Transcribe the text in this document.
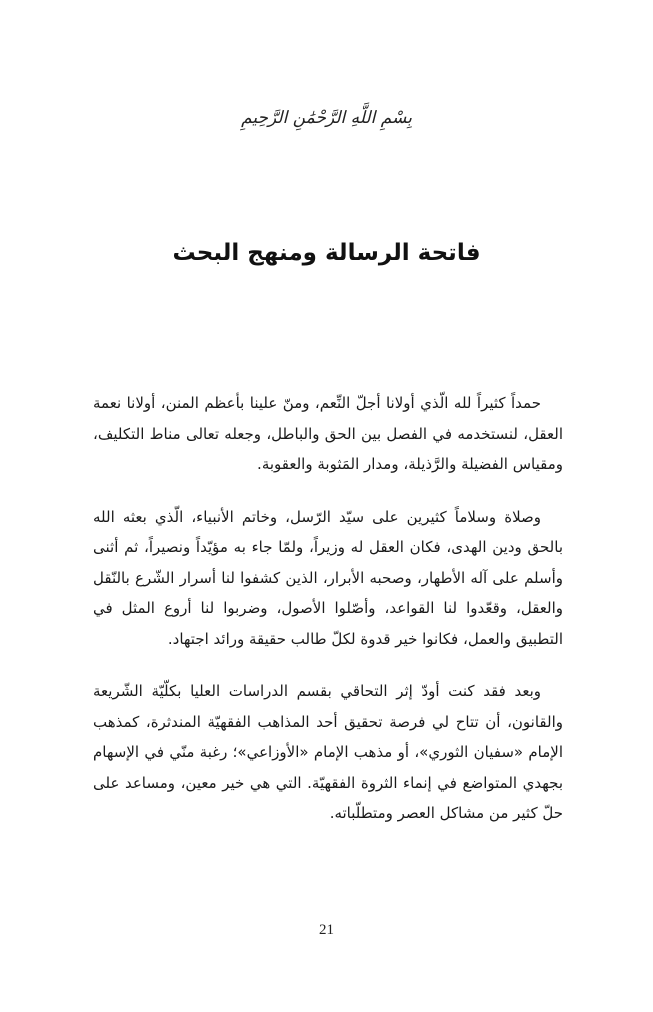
بِسْمِ اللَّهِ الرَّحْمَٰنِ الرَّحِيمِ
فاتحة الرسالة ومنهج البحث

حمداً كثيراً لله الّذي أولانا أجلّ النِّعم، ومنّ علينا بأعظم المنن، أولانا نعمة العقل، لنستخدمه في الفصل بين الحق والباطل، وجعله تعالى مناط التكليف، ومقياس الفضيلة والرَّذيلة، ومدار المَثوبة والعقوبة.

وصلاة وسلاماً كثيرين على سيّد الرّسل، وخاتم الأنبياء، الّذي بعثه الله بالحق ودين الهدى، فكان العقل له وزيراً، ولمّا جاء به مؤيّداً ونصيراً، ثم أثنى وأسلم على آله الأطهار، وصحبه الأبرار، الذين كشفوا لنا أسرار الشّرع بالنّقل والعقل، وقعّدوا لنا القواعد، وأصّلوا الأصول، وضربوا لنا أروع المثل في التطبيق والعمل، فكانوا خير قدوة لكلّ طالب حقيقة ورائد اجتهاد.

وبعد فقد كنت أودّ إثر التحاقي بقسم الدراسات العليا بكلّيّة الشّريعة والقانون، أن تتاح لي فرصة تحقيق أحد المذاهب الفقهيّة المندثرة، كمذهب الإمام «سفيان الثوري»، أو مذهب الإمام «الأوزاعي»؛ رغبة منّي في الإسهام بجهدي المتواضع في إنماء الثروة الفقهيّة. التي هي خير معين، ومساعد على حلّ كثير من مشاكل العصر ومتطلّباته.

21
